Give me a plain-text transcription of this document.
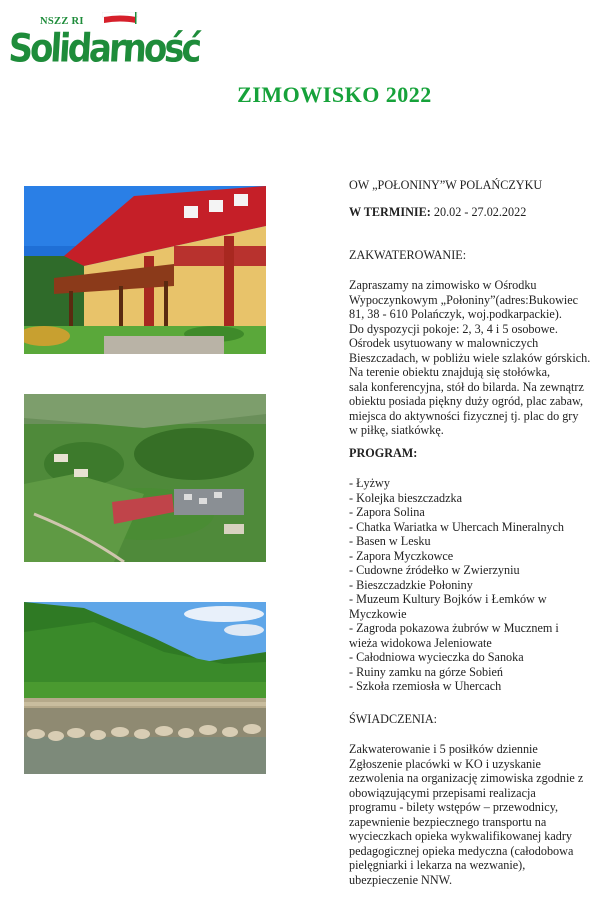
NSZZ RI
Solidarność
ZIMOWISKO 2022
OW „POŁONINY”W POLAŃCZYKU
W TERMINIE: 20.02 - 27.02.2022
ZAKWATEROWANIE:
Zapraszamy na zimowisko w Ośrodku
Wypoczynkowym „Połoniny”(adres:Bukowiec
81, 38 - 610 Polańczyk, woj.podkarpackie).
Do dyspozycji pokoje: 2, 3, 4 i 5 osobowe.
Ośrodek usytuowany w malowniczych
Bieszczadach, w pobliżu wiele szlaków górskich.
Na terenie obiektu znajdują się stołówka,
sala konferencyjna, stół do bilarda. Na zewnątrz
obiektu posiada piękny duży ogród, plac zabaw,
miejsca do aktywności fizycznej tj. plac do gry
w piłkę, siatkówkę.
PROGRAM:
- Łyżwy
- Kolejka bieszczadzka
- Zapora Solina
- Chatka Wariatka w Uhercach Mineralnych
- Basen w Lesku
- Zapora Myczkowce
- Cudowne źródełko w Zwierzyniu
- Bieszczadzkie Połoniny
- Muzeum Kultury Bojków i Łemków w
Myczkowie
- Zagroda pokazowa żubrów w Mucznem i
wieża widokowa Jeleniowate
- Całodniowa wycieczka do Sanoka
- Ruiny zamku na górze Sobień
- Szkoła rzemiosła w Uhercach
ŚWIADCZENIA:
Zakwaterowanie i 5 posiłków dziennie
Zgłoszenie placówki w KO i uzyskanie
zezwolenia na organizację zimowiska zgodnie z
obowiązującymi przepisami realizacja
programu - bilety wstępów – przewodnicy,
zapewnienie bezpiecznego transportu na
wycieczkach opieka wykwalifikowanej kadry
pedagogicznej opieka medyczna (całodobowa
pielęgniarki i lekarza na wezwanie),
ubezpieczenie NNW.
